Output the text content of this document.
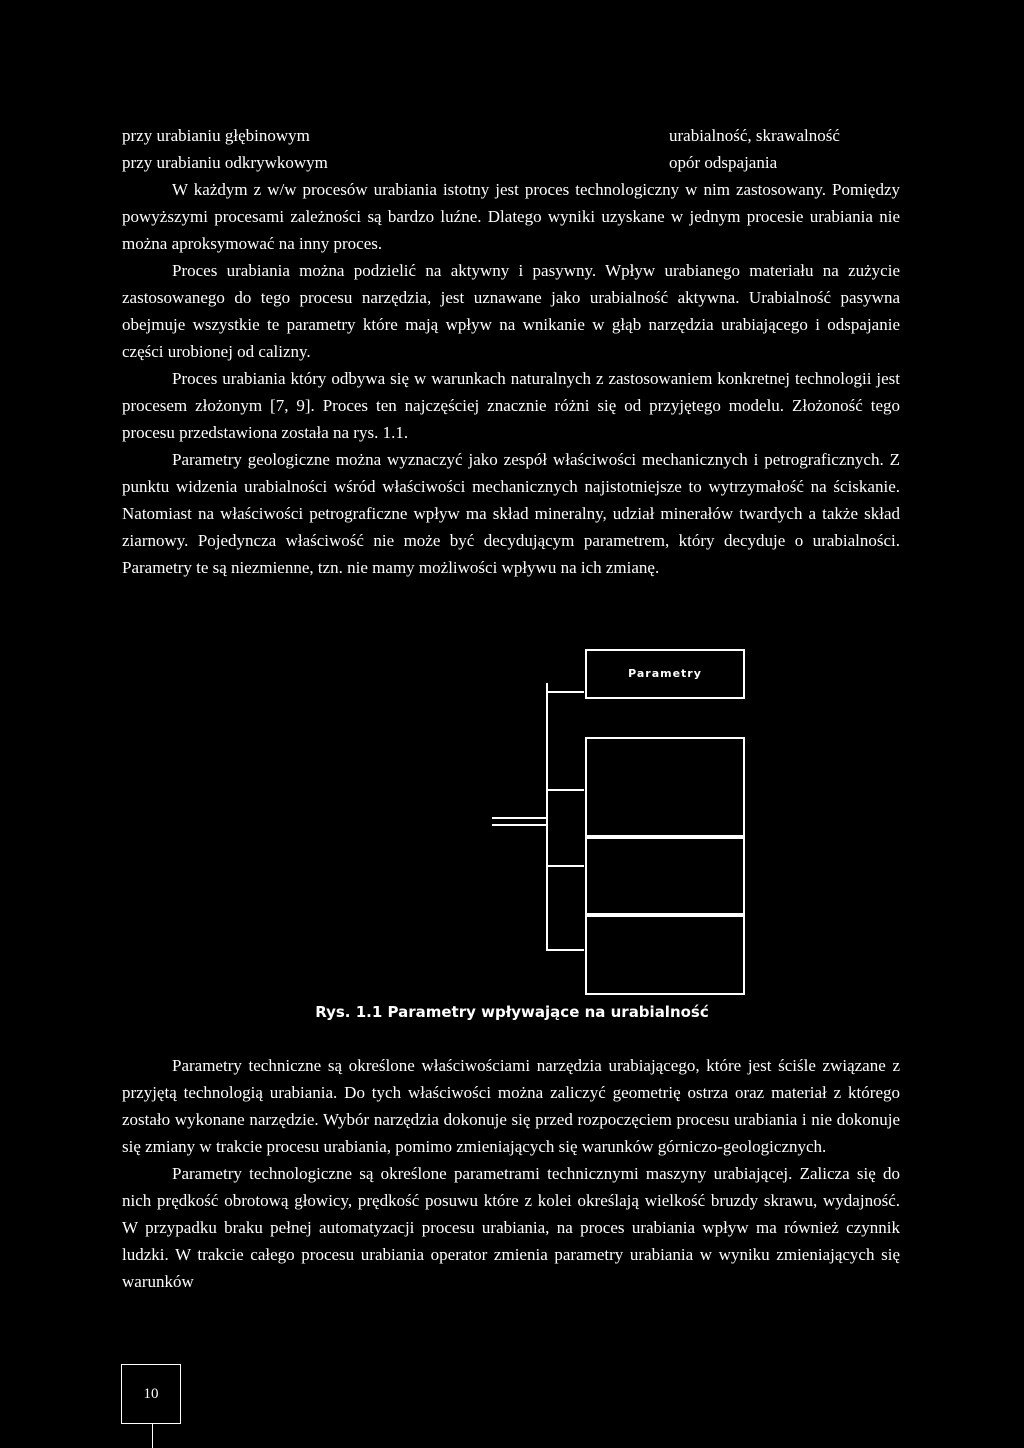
przy urabianiu głębinowym	urabialność, skrawalność
przy urabianiu odkrywkowym	opór odspajania

W każdym z w/w procesów urabiania istotny jest proces technologiczny w nim zastosowany. Pomiędzy powyższymi procesami zależności są bardzo luźne. Dlatego wyniki uzyskane w jednym procesie urabiania nie można aproksymować na inny proces.

Proces urabiania można podzielić na aktywny i pasywny. Wpływ urabianego materiału na zużycie zastosowanego do tego procesu narzędzia, jest uznawane jako urabialność aktywna. Urabialność pasywna obejmuje wszystkie te parametry które mają wpływ na wnikanie w głąb narzędzia urabiającego i odspajanie części urobionej od calizny.

Proces urabiania który odbywa się w warunkach naturalnych z zastosowaniem konkretnej technologii jest procesem złożonym [7, 9]. Proces ten najczęściej znacznie różni się od przyjętego modelu. Złożoność tego procesu przedstawiona została na rys. 1.1.

Parametry geologiczne można wyznaczyć jako zespół właściwości mechanicznych i petrograficznych. Z punktu widzenia urabialności wśród właściwości mechanicznych najistotniejsze to wytrzymałość na ściskanie. Natomiast na właściwości petrograficzne wpływ ma skład mineralny, udział minerałów twardych a także skład ziarnowy. Pojedyncza właściwość nie może być decydującym parametrem, który decyduje o urabialności. Parametry te są niezmienne, tzn. nie mamy możliwości wpływu na ich zmianę.

Parametry
Rys. 1.1 Parametry wpływające na urabialność

Parametry techniczne są określone właściwościami narzędzia urabiającego, które jest ściśle związane z przyjętą technologią urabiania. Do tych właściwości można zaliczyć geometrię ostrza oraz materiał z którego zostało wykonane narzędzie. Wybór narzędzia dokonuje się przed rozpoczęciem procesu urabiania i nie dokonuje się zmiany w trakcie procesu urabiania, pomimo zmieniających się warunków górniczo-geologicznych.

Parametry technologiczne są określone parametrami technicznymi maszyny urabiającej. Zalicza się do nich prędkość obrotową głowicy, prędkość posuwu które z kolei określają wielkość bruzdy skrawu, wydajność. W przypadku braku pełnej automatyzacji procesu urabiania, na proces urabiania wpływ ma również czynnik ludzki. W trakcie całego procesu urabiania operator zmienia parametry urabiania w wyniku zmieniających się warunków

10
